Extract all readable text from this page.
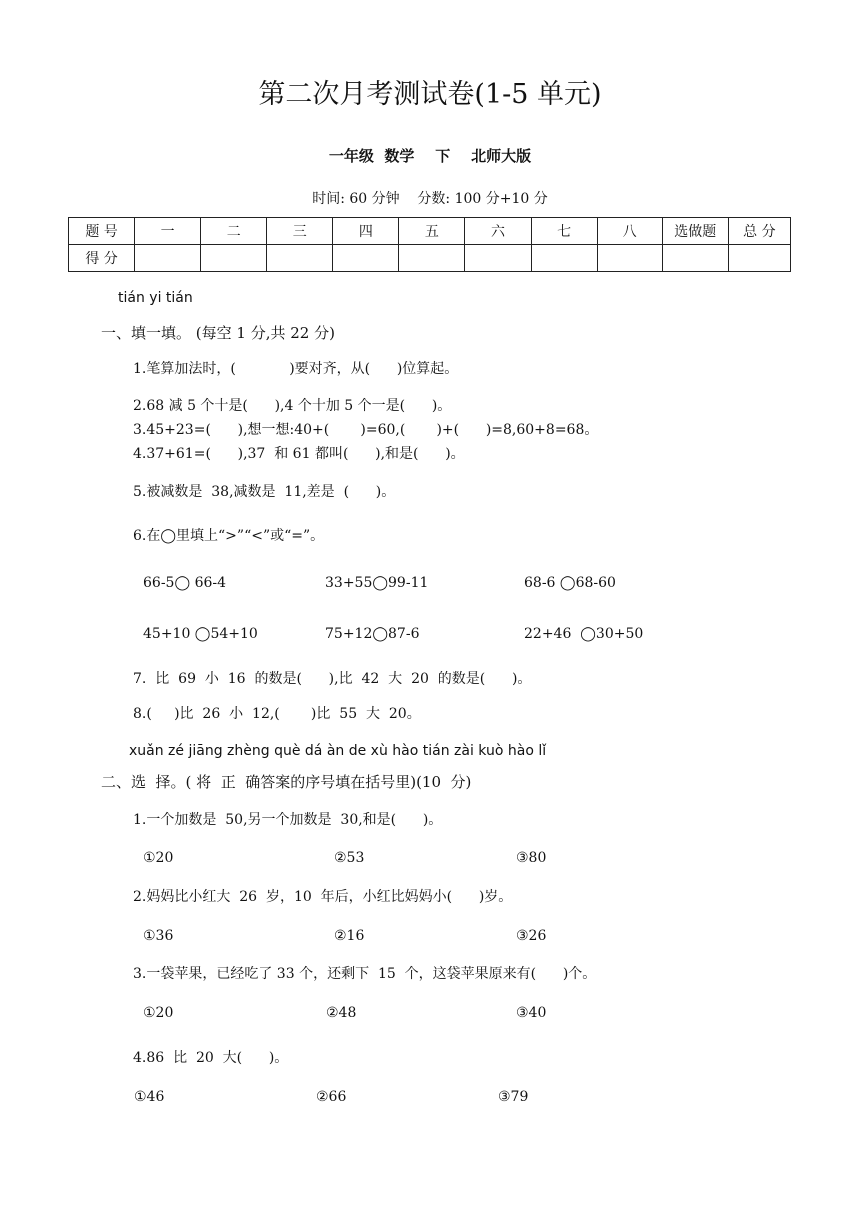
第二次月考测试卷(1-5 单元)
一年级  数学    下    北师大版
时间: 60 分钟    分数: 100 分+10 分
题 号	一	二	三	四	五	六	七	八	选做题	总 分
得 分										
tián yi tián
一、填一填。 (每空 1 分,共 22 分)
1.笔算加法时，(            )要对齐，从(      )位算起。
2.68 减 5 个十是(      ),4 个十加 5 个一是(      )。
3.45+23=(      ),想一想:40+(       )=60,(       )+(      )=8,60+8=68。
4.37+61=(      ),37  和 61 都叫(      ),和是(      )。
5.被减数是  38,减数是  11,差是  (      )。
6.在◯里填上“>”“<”或“=”。
66-5◯ 66-4	33+55◯99-11	68-6 ◯68-60
45+10 ◯54+10	75+12◯87-6	22+46  ◯30+50
7.  比  69  小  16  的数是(      ),比  42  大  20  的数是(      )。
8.(     )比  26  小  12,(       )比  55  大  20。
xuǎn zé jiāng zhèng què dá àn de xù hào tián zài kuò hào lǐ
二、选  择。( 将  正  确答案的序号填在括号里)(10  分)
1.一个加数是  50,另一个加数是  30,和是(      )。
①20	②53	③80
2.妈妈比小红大  26  岁，10  年后，小红比妈妈小(      )岁。
①36	②16	③26
3.一袋苹果，已经吃了 33 个，还剩下  15  个，这袋苹果原来有(      )个。
①20	②48	③40
4.86  比  20  大(      )。
①46	②66	③79
